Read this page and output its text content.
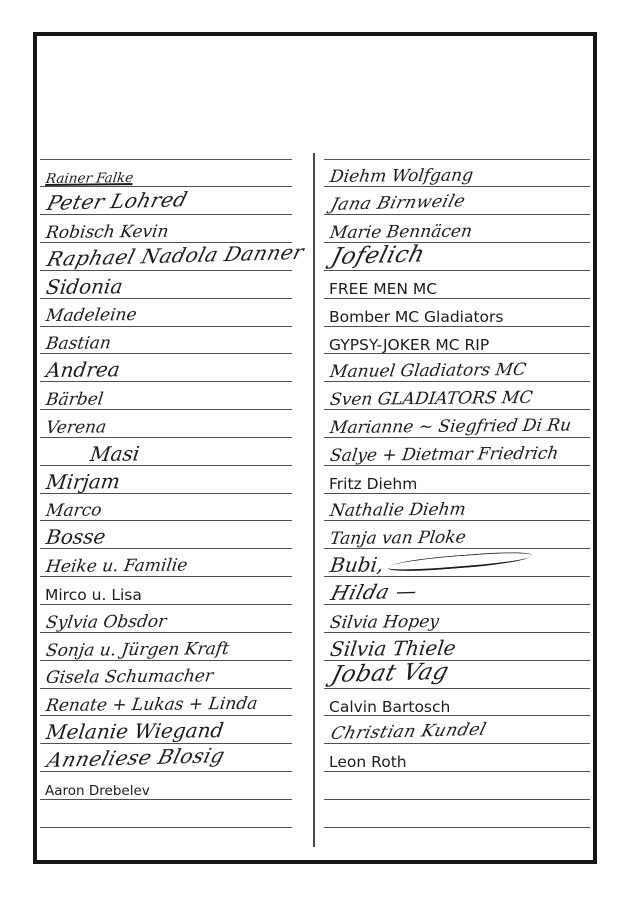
Rainer Falke
Peter Lohred
Robisch Kevin
Raphael Nadola Danner
Sidonia
Madeleine
Bastian
Andrea
Bärbel
Verena
Masi
Mirjam
Marco
Bosse
Heike u. Familie
Mirco u. Lisa
Sylvia Obsdor
Sonja u. Jürgen Kraft
Gisela Schumacher
Renate + Lukas + Linda
Melanie Wiegand
Anneliese Blosig
Aaron Drebelev
Diehm Wolfgang
Jana Birnweile
Marie Bennäcen
Jofelich
FREE MEN MC
Bomber MC Gladiators
GYPSY-JOKER MC RIP
Manuel Gladiators MC
Sven GLADIATORS MC
Marianne ~ Siegfried Di Ru
Salye + Dietmar Friedrich
Fritz Diehm
Nathalie Diehm
Tanja van Ploke
Bubi,
Hilda —
Silvia Hopey
Silvia Thiele
Jobat Vag
Calvin Bartosch
Christian Kundel
Leon Roth
